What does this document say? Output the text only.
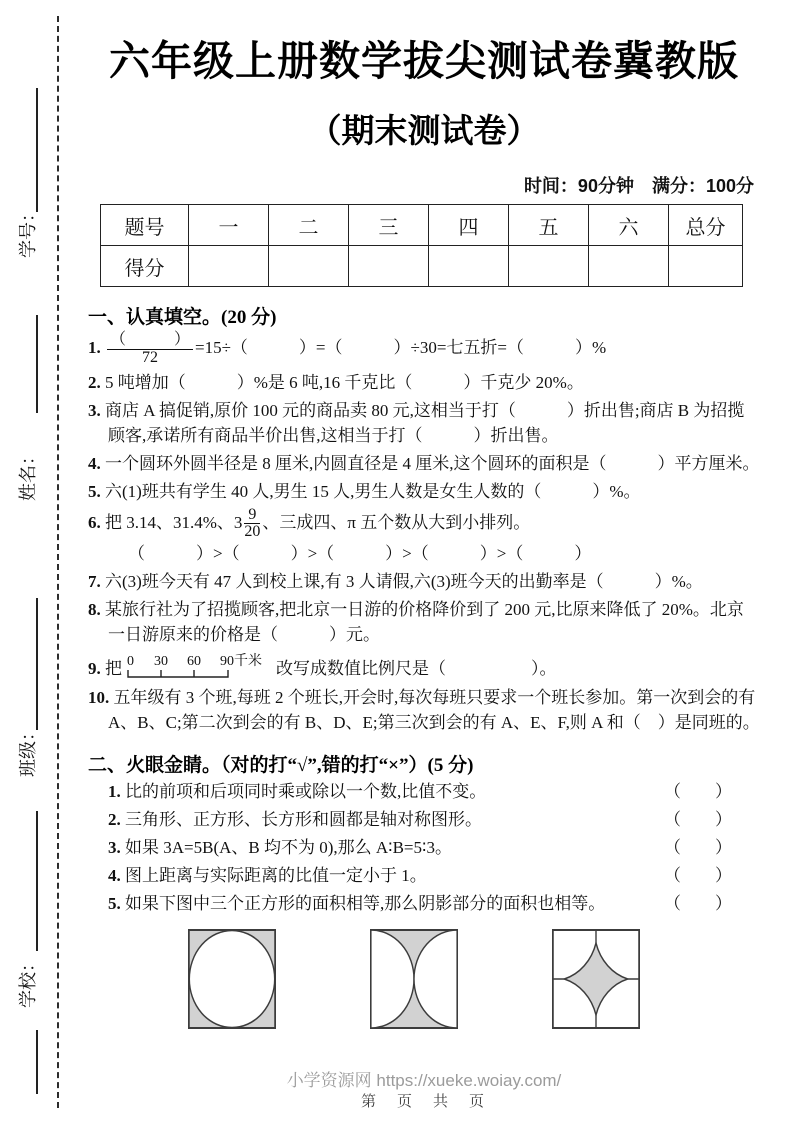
学号：
姓名：
班级：
学校：
六年级上册数学拔尖测试卷冀教版
（期末测试卷）
时间：90分钟　满分：100分
题号	一	二	三	四	五	六	总分
得分							
一、认真填空。(20 分)
1. $\frac{( )}{72} =15\div$（　　　）=（　　　）÷30=七五折=（　　　）%
2. 5 吨增加（　　　）%是 6 吨,16 千克比（　　　）千克少 20%。
3. 商店 A 搞促销,原价 100 元的商品卖 80 元,这相当于打（　　　）折出售;商店 B 为招揽顾客,承诺所有商品半价出售,这相当于打（　　　）折出售。
4. 一个圆环外圆半径是 8 厘米,内圆直径是 4 厘米,这个圆环的面积是（　　　）平方厘米。
5. 六(1)班共有学生 40 人,男生 15 人,男生人数是女生人数的（　　　）%。
6. 把 3.14、31.4%、$3 \frac{9}{20}$ 、三成四、π 五个数从大到小排列。
（　　　）>（　　　）>（　　　）>（　　　）>（　　　）
7. 六(3)班今天有 47 人到校上课,有 3 人请假,六(3)班今天的出勤率是（　　　）%。
8. 某旅行社为了招揽顾客,把北京一日游的价格降价到了 200 元,比原来降低了 20%。北京一日游原来的价格是（　　　）元。
9. 把 0 30 60 90千米 改写成数值比例尺是（　　　　　）。
10. 五年级有 3 个班,每班 2 个班长,开会时,每次每班只要求一个班长参加。第一次到会的有 A、B、C;第二次到会的有 B、D、E;第三次到会的有 A、E、F,则 A 和（　）是同班的。
二、火眼金睛。（对的打“√”,错的打“×”）(5 分)
1. 比的前项和后项同时乘或除以一个数,比值不变。	（　　）
2. 三角形、正方形、长方形和圆都是轴对称图形。	（　　）
3. 如果 3A=5B(A、B 均不为 0),那么 A∶B=5∶3。	（　　）
4. 图上距离与实际距离的比值一定小于 1。	（　　）
5. 如果下图中三个正方形的面积相等,那么阴影部分的面积也相等。	（　　）
小学资源网 https://xueke.woiay.com/
第　页　共　页
